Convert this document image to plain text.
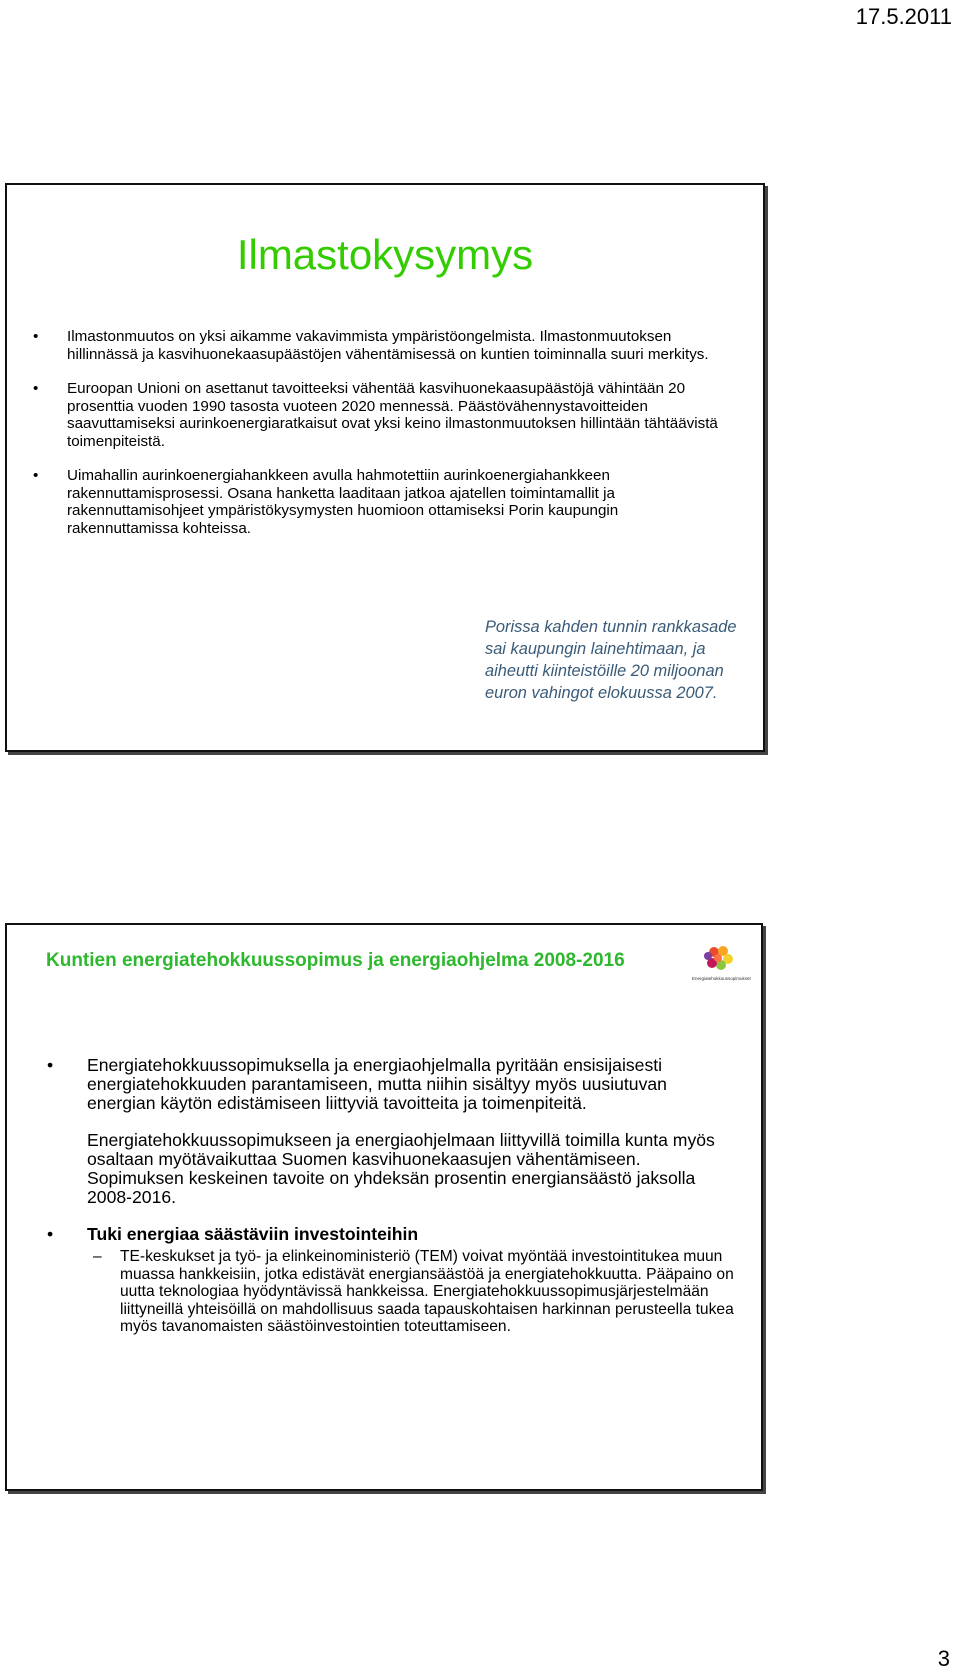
17.5.2011

Ilmastokysymys

• Ilmastonmuutos on yksi aikamme vakavimmista ympäristöongelmista. Ilmastonmuutoksen hillinnässä ja kasvihuonekaasupäästöjen vähentämisessä on kuntien toiminnalla suuri merkitys.

• Euroopan Unioni on asettanut tavoitteeksi vähentää kasvihuonekaasupäästöjä vähintään 20 prosenttia vuoden 1990 tasosta vuoteen 2020 mennessä. Päästövähennystavoitteiden saavuttamiseksi aurinkoenergiaratkaisut ovat yksi keino ilmastonmuutoksen hillintään tähtäävistä toimenpiteistä.

• Uimahallin aurinkoenergiahankkeen avulla hahmotettiin aurinkoenergiahankkeen rakennuttamisprosessi. Osana hanketta laaditaan jatkoa ajatellen toimintamallit ja rakennuttamisohjeet ympäristökysymysten huomioon ottamiseksi Porin kaupungin rakennuttamissa kohteissa.

Porissa kahden tunnin rankkasade sai kaupungin lainehtimaan, ja aiheutti kiinteistöille 20 miljoonan euron vahingot elokuussa 2007.
Kuntien energiatehokkuussopimus ja energiaohjelma 2008-2016
Energiatehokkuussopimukset

• Energiatehokkuussopimuksella ja energiaohjelmalla pyritään ensisijaisesti energiatehokkuuden parantamiseen, mutta niihin sisältyy myös uusiutuvan energian käytön edistämiseen liittyviä tavoitteita ja toimenpiteitä.

Energiatehokkuussopimukseen ja energiaohjelmaan liittyvillä toimilla kunta myös osaltaan myötävaikuttaa Suomen kasvihuonekaasujen vähentämiseen. Sopimuksen keskeinen tavoite on yhdeksän prosentin energiansäästö jaksolla 2008-2016.

• Tuki energiaa säästäviin investointeihin

– TE-keskukset ja työ- ja elinkeinoministeriö (TEM) voivat myöntää investointitukea muun muassa hankkeisiin, jotka edistävät energiansäästöä ja energiatehokkuutta. Pääpaino on uutta teknologiaa hyödyntävissä hankkeissa. Energiatehokkuussopimusjärjestelmään liittyneillä yhteisöillä on mahdollisuus saada tapauskohtaisen harkinnan perusteella tukea myös tavanomaisten säästöinvestointien toteuttamiseen.
3
